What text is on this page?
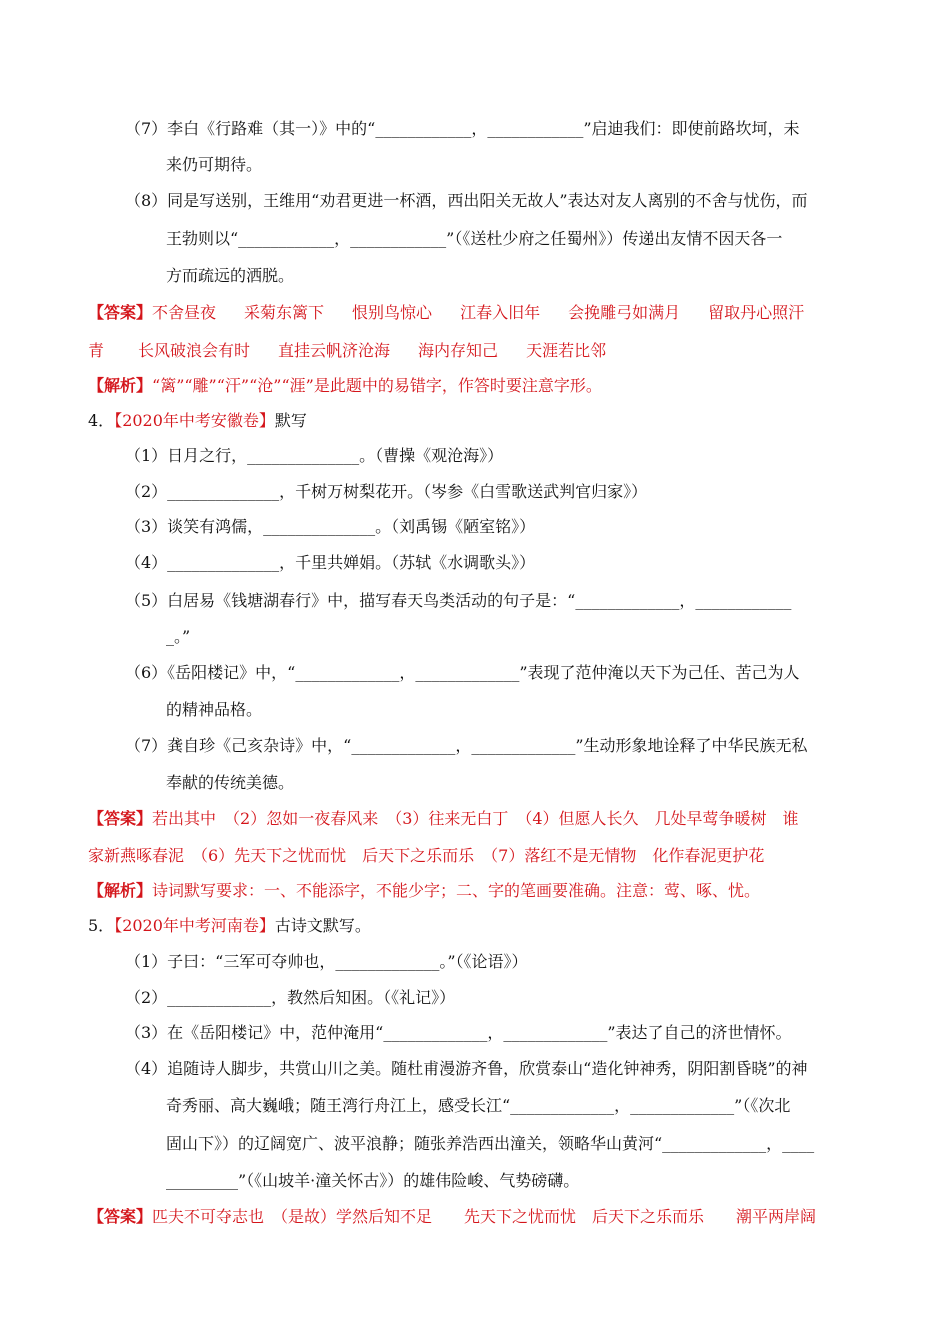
（7）李白《行路难（其一）》中的“____________，____________”启迪我们：即使前路坎坷，未
来仍可期待。
（8）同是写送别，王维用“劝君更进一杯酒，西出阳关无故人”表达对友人离别的不舍与忧伤，而
王勃则以“____________，____________”（《送杜少府之任蜀州》）传递出友情不因天各一
方而疏远的洒脱。
【答案】不舍昼夜 采菊东篱下 恨别鸟惊心 江春入旧年 会挽雕弓如满月 留取丹心照汗
青 长风破浪会有时 直挂云帆济沧海 海内存知己 天涯若比邻
【解析】“篱”“雕”“汗”“沧”“涯”是此题中的易错字，作答时要注意字形。
4．【2020年中考安徽卷】默写
（1）日月之行，______________。（曹操《观沧海》）
（2）______________，千树万树梨花开。（岑参《白雪歌送武判官归家》）
（3）谈笑有鸿儒，______________。（刘禹锡《陋室铭》）
（4）______________，千里共婵娟。（苏轼《水调歌头》）
（5）白居易《钱塘湖春行》中，描写春天鸟类活动的句子是：“_____________，____________
_。”
（6）《岳阳楼记》中，“_____________，_____________”表现了范仲淹以天下为己任、苦己为人
的精神品格。
（7）龚自珍《己亥杂诗》中，“_____________，_____________”生动形象地诠释了中华民族无私
奉献的传统美德。
【答案】若出其中　（2）忽如一夜春风来　（3）往来无白丁　（4）但愿人长久　几处早莺争暖树　谁
家新燕啄春泥　（6）先天下之忧而忧　后天下之乐而乐　（7）落红不是无情物　化作春泥更护花
【解析】诗词默写要求：一、不能添字，不能少字；二、字的笔画要准确。注意：莺、啄、忧。
5．【2020年中考河南卷】古诗文默写。
（1）子曰：“三军可夺帅也，_____________。”（《论语》）
（2）_____________，教然后知困。（《礼记》）
（3）在《岳阳楼记》中，范仲淹用“_____________，_____________”表达了自己的济世情怀。
（4）追随诗人脚步，共赏山川之美。随杜甫漫游齐鲁，欣赏泰山“造化钟神秀，阴阳割昏晓”的神
奇秀丽、高大巍峨；随王湾行舟江上，感受长江“_____________，_____________”（《次北
固山下》）的辽阔宽广、波平浪静；随张养浩西出潼关，领略华山黄河“_____________，____
_________”（《山坡羊·潼关怀古》）的雄伟险峻、气势磅礴。
【答案】匹夫不可夺志也　（是故）学然后知不足　　先天下之忧而忧　后天下之乐而乐　　潮平两岸阔
